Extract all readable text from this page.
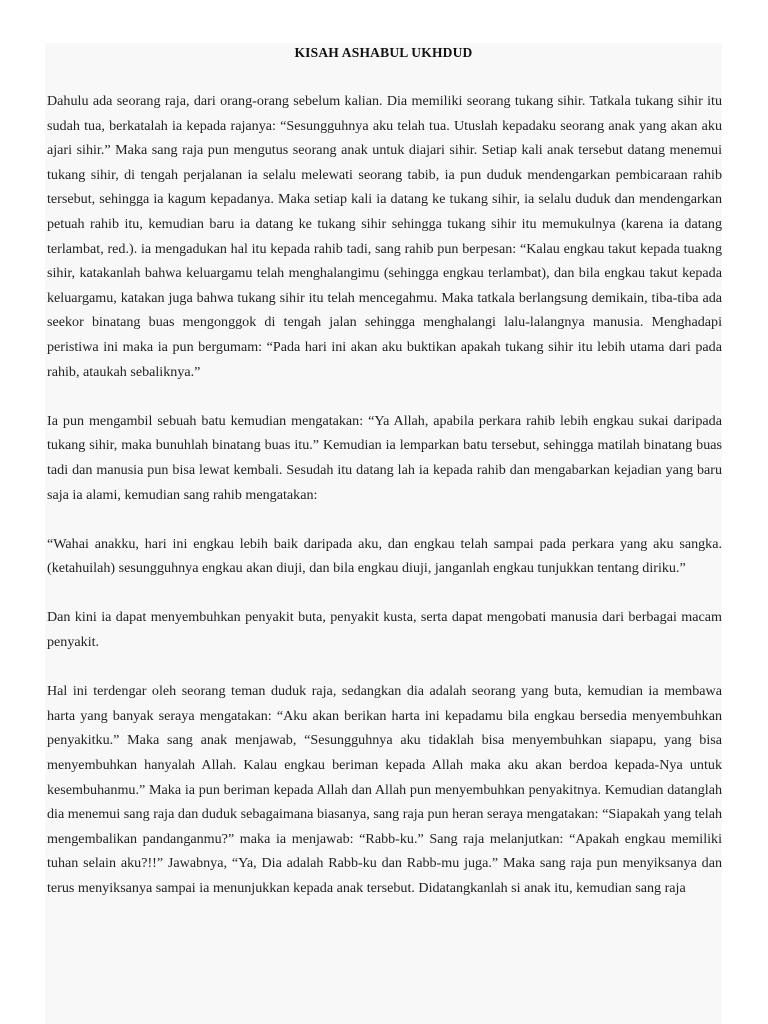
KISAH ASHABUL UKHDUD

Dahulu ada seorang raja, dari orang-orang sebelum kalian. Dia memiliki seorang tukang sihir. Tatkala tukang sihir itu sudah tua, berkatalah ia kepada rajanya: “Sesungguhnya aku telah tua. Utuslah kepadaku seorang anak yang akan aku ajari sihir.” Maka sang raja pun mengutus seorang anak untuk diajari sihir. Setiap kali anak tersebut datang menemui tukang sihir, di tengah perjalanan ia selalu melewati seorang tabib, ia pun duduk mendengarkan pembicaraan rahib tersebut, sehingga ia kagum kepadanya. Maka setiap kali ia datang ke tukang sihir, ia selalu duduk dan mendengarkan petuah rahib itu, kemudian baru ia datang ke tukang sihir sehingga tukang sihir itu memukulnya (karena ia datang terlambat, red.). ia mengadukan hal itu kepada rahib tadi, sang rahib pun berpesan: “Kalau engkau takut kepada tuakng sihir, katakanlah bahwa keluargamu telah menghalangimu (sehingga engkau terlambat), dan bila engkau takut kepada keluargamu, katakan juga bahwa tukang sihir itu telah mencegahmu. Maka tatkala berlangsung demikain, tiba-tiba ada seekor binatang buas mengonggok di tengah jalan sehingga menghalangi lalu-lalangnya manusia. Menghadapi peristiwa ini maka ia pun bergumam: “Pada hari ini akan aku buktikan apakah tukang sihir itu lebih utama dari pada rahib, ataukah sebaliknya.”

Ia pun mengambil sebuah batu kemudian mengatakan: “Ya Allah, apabila perkara rahib lebih engkau sukai daripada tukang sihir, maka bunuhlah binatang buas itu.” Kemudian ia lemparkan batu tersebut, sehingga matilah binatang buas tadi dan manusia pun bisa lewat kembali. Sesudah itu datang lah ia kepada rahib dan mengabarkan kejadian yang baru saja ia alami, kemudian sang rahib mengatakan:

“Wahai anakku, hari ini engkau lebih baik daripada aku, dan engkau telah sampai pada perkara yang aku sangka. (ketahuilah) sesungguhnya engkau akan diuji, dan bila engkau diuji, janganlah engkau tunjukkan tentang diriku.”

Dan kini ia dapat menyembuhkan penyakit buta, penyakit kusta, serta dapat mengobati manusia dari berbagai macam penyakit.

Hal ini terdengar oleh seorang teman duduk raja, sedangkan dia adalah seorang yang buta, kemudian ia membawa harta yang banyak seraya mengatakan: “Aku akan berikan harta ini kepadamu bila engkau bersedia menyembuhkan penyakitku.” Maka sang anak menjawab, “Sesungguhnya aku tidaklah bisa menyembuhkan siapapu, yang bisa menyembuhkan hanyalah Allah. Kalau engkau beriman kepada Allah maka aku akan berdoa kepada-Nya untuk kesembuhanmu.” Maka ia pun beriman kepada Allah dan Allah pun menyembuhkan penyakitnya. Kemudian datanglah dia menemui sang raja dan duduk sebagaimana biasanya, sang raja pun heran seraya mengatakan: “Siapakah yang telah mengembalikan pandanganmu?” maka ia menjawab: “Rabb-ku.” Sang raja melanjutkan: “Apakah engkau memiliki tuhan selain aku?!!” Jawabnya, “Ya, Dia adalah Rabb-ku dan Rabb-mu juga.” Maka sang raja pun menyiksanya dan terus menyiksanya sampai ia menunjukkan kepada anak tersebut. Didatangkanlah si anak itu, kemudian sang raja
